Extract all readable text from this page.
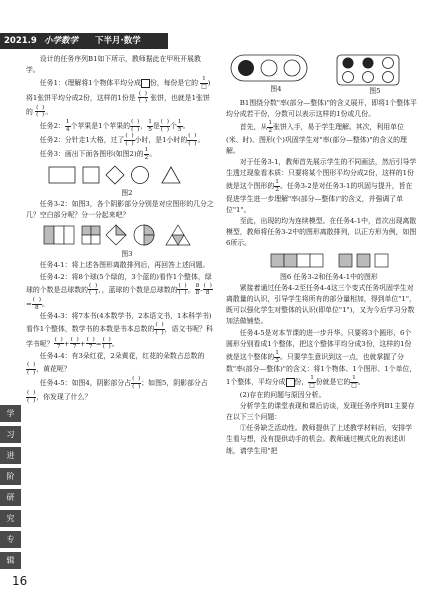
2021.9 小学数学 下半月·数学

设计的任务序列B1如下所示，教师据此在甲班开展教学。

任务1：(理解将1个物体平均分成 份，每份是它的
1
□ )将1张饼平均分成2份，这样的1份是
(  )
(  ) 张饼，也就是1张饼的
(  )
(  ) 。

任务2： $\frac{1}{4}$ 个苹果是1个苹果的
(  )
(  ) ， $\frac{1}{5}$ 是
(  )
(  ) 个 $\frac{1}{5}$ 。

任务2：分针走1大格，过了
(  )
(  ) 小时，是1小时的
(  )
(  ) 。

任务3：画出下面各图形(如图2)的 $\frac{1}{2}$ 。

图2

任务3-2：如图3，各个阴影部分分别是对应图形的几分之几？空白部分呢？分一分起来吧？

图3

任务4-1：将上述各图形离散排列后，再回答上述问题。

任务4-2：将8个球(5个绿的，3个蓝的)看作1个整体，绿球的个数是总球数的
(  )
(  ) ，，蓝球的个数是总球数的
(  )
(  ) ， $\frac{8}{8}$ -
(  )
8
=
(  )
8 。

任务4-3：将7本书(4本数学书，2本语文书，1本科学书)看作1个整体，数学书的本数是书本总数的
(  )
(  ) ，语文书呢？科学书呢？
(  )
7 +
(  )
7 +
(  )
7 =
(  )
(  ) 。

任务4-4：有3朵红花，2朵黄花，红花的朵数占总数的
(  )
(  ) ，黄花呢？

任务4-5：如图4，阴影部分占
(  )
(  ) ；如图5，阴影部分占
(  )
(  ) ，你发现了什么？

图4	图5

B1围绕分数"率(部分—整体)"的含义展开，即将1个整体平均分成若干份，分数可以表示这样的1份或几份。

首先，从 $\frac{1}{2}$ 张饼入手，易于学生理解。其次，利用单位(米、时)、图形(个)巩固学生对"率(部分—整体)"的含义的理解。

对于任务3-1，教师首先展示学生的不同画法，然后引导学生透过现象看本质：只要将某个图形平均分成2份，这样的1份就是这个图形的 $\frac{1}{2}$ 。任务3-2是对任务3-1的巩固与提升，旨在促进学生进一步理解"率(部分—整体)"的含义，并强调了单位"1"。

至此，出现的均为连续模型。在任务4-1中，首次出现离散模型，教师将任务3-2中的图形离散排列，以正方形为例，如图6所示。

图6 任务3-2和任务4-1中的图形

紧接着通过任务4-2至任务4-4这三个变式任务巩固学生对离散量的认识，引导学生将所有的部分量相加，得到单位"1"，既可以强化学生对整体的认识(即单位"1")，又为今后学习分数加法做铺垫。

任务4-5是对本节课的进一步升华。只要将3个圆形、6个圆形分别看成1个整体，把这个整体平均分成3份，这样的1份就是这个整体的 $\frac{1}{3}$ 。只要学生意识到这一点，也就掌握了分数"率(部分—整体)"的含义：将1个物体、1个图形、1个单位，1个整体，平均分成 份，
1
□ 份就是它的
1
□ 。

(2)存在的问题与原因分析。

分析学生的课堂表现和课后访谈，发现任务序列B1主要存在以下三个问题：

①任务缺乏活动性。教师提供了上述教学材料后，安排学生看与想，没有提供动手的机会。教师通过模式化的表述训练，请学生用"把

学
习
进
阶
研
究
专
辑
16
